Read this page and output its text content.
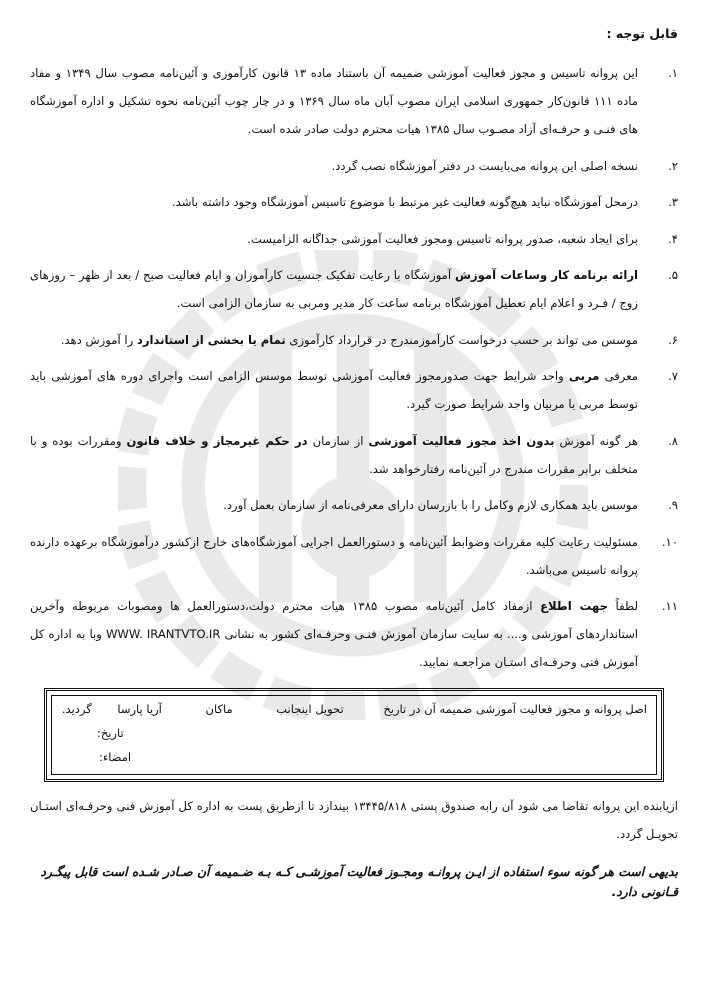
قابل توجه :
۱.
این پروانه تاسیس و مجوز فعالیت آموزشی ضمیمه آن باستناد ماده ۱۳ قانون کارآموزی و آئین‌نامه مصوب سال ۱۳۴۹ و مفاد ماده ۱۱۱ قانون‌کار جمهوری اسلامی ایران مصوب آبان ماه سال ۱۳۶۹ و در چار چوب آئین‌نامه نحوه تشکیل و اداره آموزشگاه های فنـی و حرفـه‌ای آزاد مصـوب سال ۱۳۸۵ هیات محترم دولت صادر شده است.
۲.
نسخه اصلی این پروانه می‌بایست در دفتر آموزشگاه نصب گردد.
۳.
درمحل آموزشگاه نباید هیچ‌گونه فعالیت غیر مرتبط با موضوع تاسیس آموزشگاه وجود داشته باشد.
۴.
برای ایجاد شعبه، صدور پروانه تاسیس ومجوز فعالیت آموزشی جداگانه الزامیست.
۵.
ارائه برنامه کار وساعات آموزش آموزشگاه با رعایت تفکیک جنسیت کارآموزان و ایام فعالیت صبح / بعد از ظهر – روزهای زوج / فـرد و اعلام ایام تعطیل آموزشگاه برنامه ساعت کار مدیر ومربی به سازمان الزامی است.
۶.
موسس می تواند بر حسب درخواست کارآموزمندرج در قرارداد کارآموزی تمام یا بخشی از استاندارد را آموزش دهد.
۷.
معرفی مربی واجد شرایط جهت صدورمجوز فعالیت آموزشی توسط موسس الزامی است واجرای دوره های آموزشی باید توسط مربی یا مربیان واجد شرایط صورت گیرد.
۸.
هر گونه آموزش بدون اخذ مجوز فعالیت آموزشی از سازمان در حکم غیرمجاز و خلاف قانون ومقررات بوده و با متخلف برابر مقررات مندرج در آئین‌نامه رفتارخواهد شد.
۹.
موسس باید همکاری لازم وکامل را با بازرسان دارای معرفی‌نامه از سازمان بعمل آورد.
۱۰.
مسئولیت رعایت کلیه مقررات وضوابط آئین‌نامه و دستورالعمل اجرایی آموزشگاه‌های خارج ازکشور درآموزشگاه برعهده دارنده پروانه تاسیس می‌باشد.
۱۱.
لطفاً جهت اطلاع ازمفاد کامل آئین‌نامه مصوب ۱۳۸۵ هیات محترم دولت،دستورالعمل ها ومصوبات مربوطه وآخرین استانداردهای آموزشی و.... به سایت سازمان آموزش فنـی وحرفـه‌ای کشور به نشانی WWW. IRANTVTO.IR وبا به اداره کل آموزش فنی وحرفـه‌ای استـان مراجعـه نمایید.
اصل پروانه و مجوز فعالیت آموزشی ضمیمه آن در تاریخ تحویل اینجانب ماکان آریا پارسا گردید.
تاریخ:
امضاء:
ازیابنده این پروانه تقاضا می شود آن رابه صندوق پستی ۱۳۴۴۵/۸۱۸ بیندازد تا ازطریق پست به اداره کل آموزش فنی وحرفـه‌ای استـان تحویـل گردد.
بدیهی است هر گونه سوء استفاده از ایـن پروانـه ومجـوز فعالیت آموزشـی کـه بـه ضـمیمه آن صـادر شـده است قابل پیگـرد قـانونی دارد.
